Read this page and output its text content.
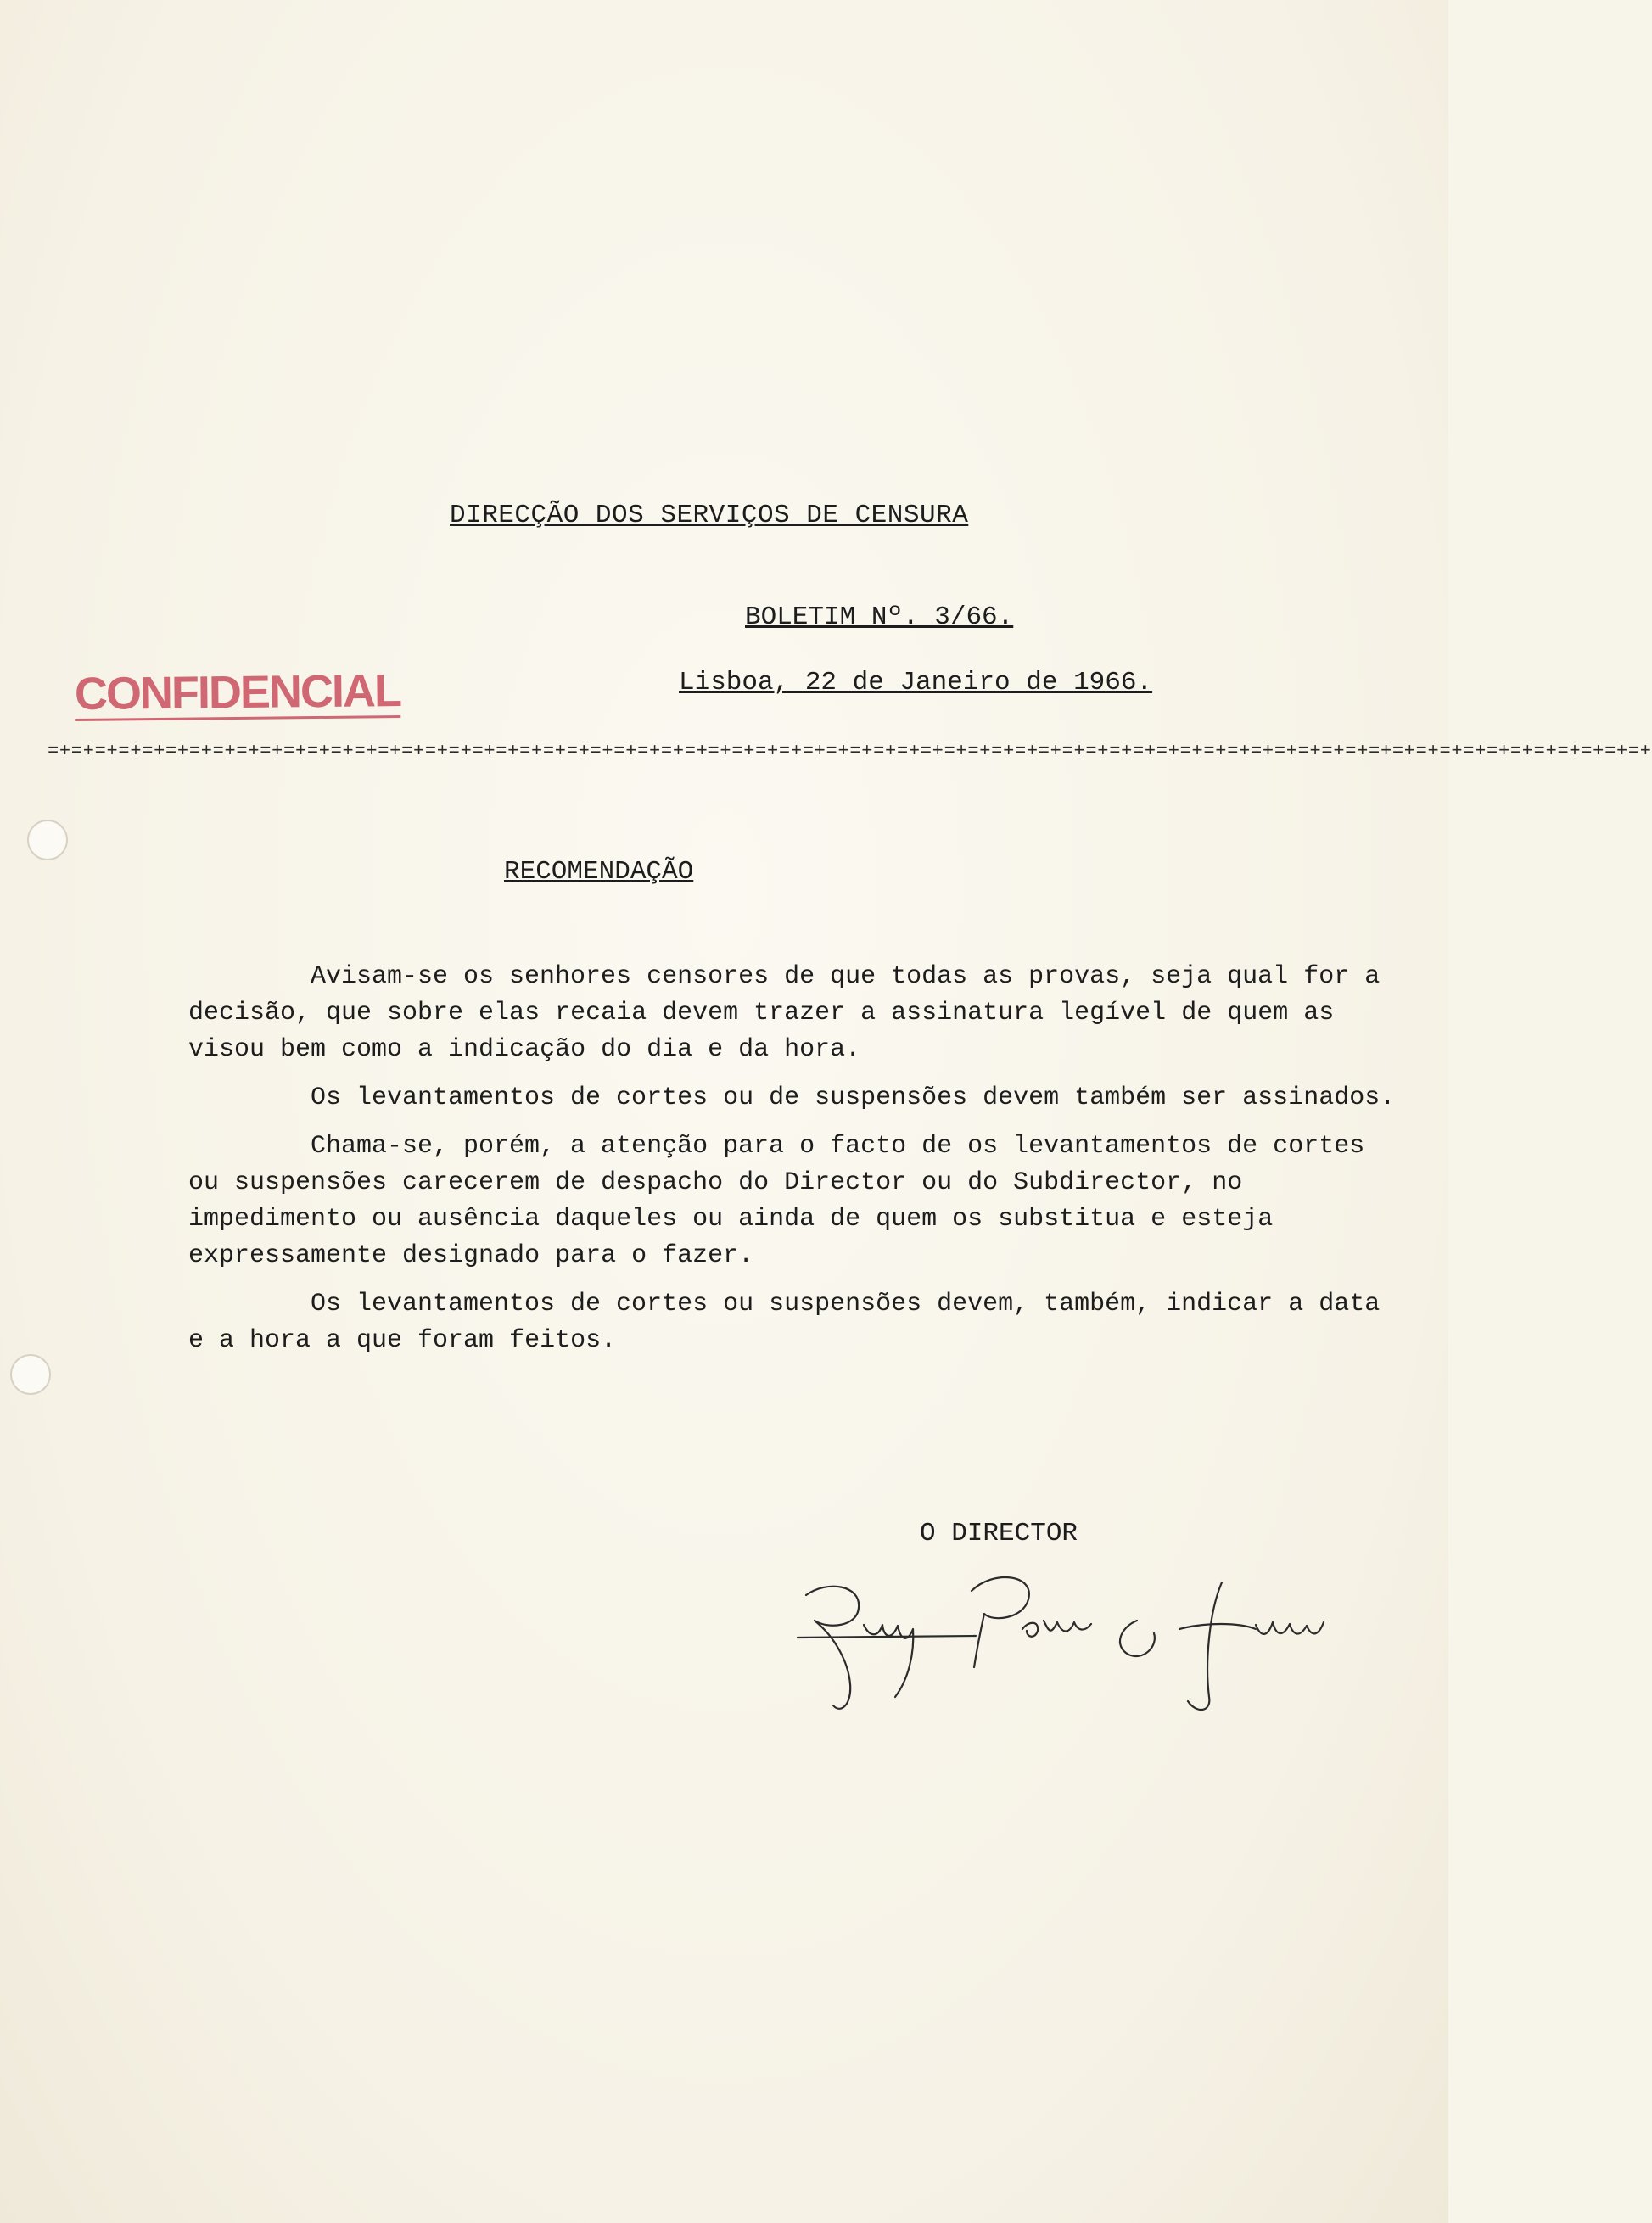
DIRECÇÃO DOS SERVIÇOS DE CENSURA
BOLETIM Nº. 3/66.
CONFIDENCIAL	Lisboa, 22 de Janeiro de 1966.
=+=+=+=+=+=+=+=+=+=+=+=+=+=+=+=+=+=+=+=+=+=+=+=+=+=+=+=+=+=+=+=+=+=+=+=+=+=+=+=+=+=+=+=+=+=+=+=+=+=+=+=+=+=+=+=+=+=+=+=+=+=+=+=+=+=+=+=+
RECOMENDAÇÃO

Avisam-se os senhores censores de que todas as provas, seja qual for a decisão, que sobre elas recaia devem trazer a assinatura legível de quem as visou bem como a indicação do dia e da hora.

Os levantamentos de cortes ou de suspensões devem também ser assinados.

Chama-se, porém, a atenção para o facto de os levantamentos de cortes ou suspensões carecerem de despacho do Director ou do Subdirector, no impedimento ou ausência daqueles ou ainda de quem os substitua e esteja expressamente designado para o fazer.

Os levantamentos de cortes ou suspensões devem, também, indicar a data e a hora a que foram feitos.

O DIRECTOR
Ruy Pereira Alves
